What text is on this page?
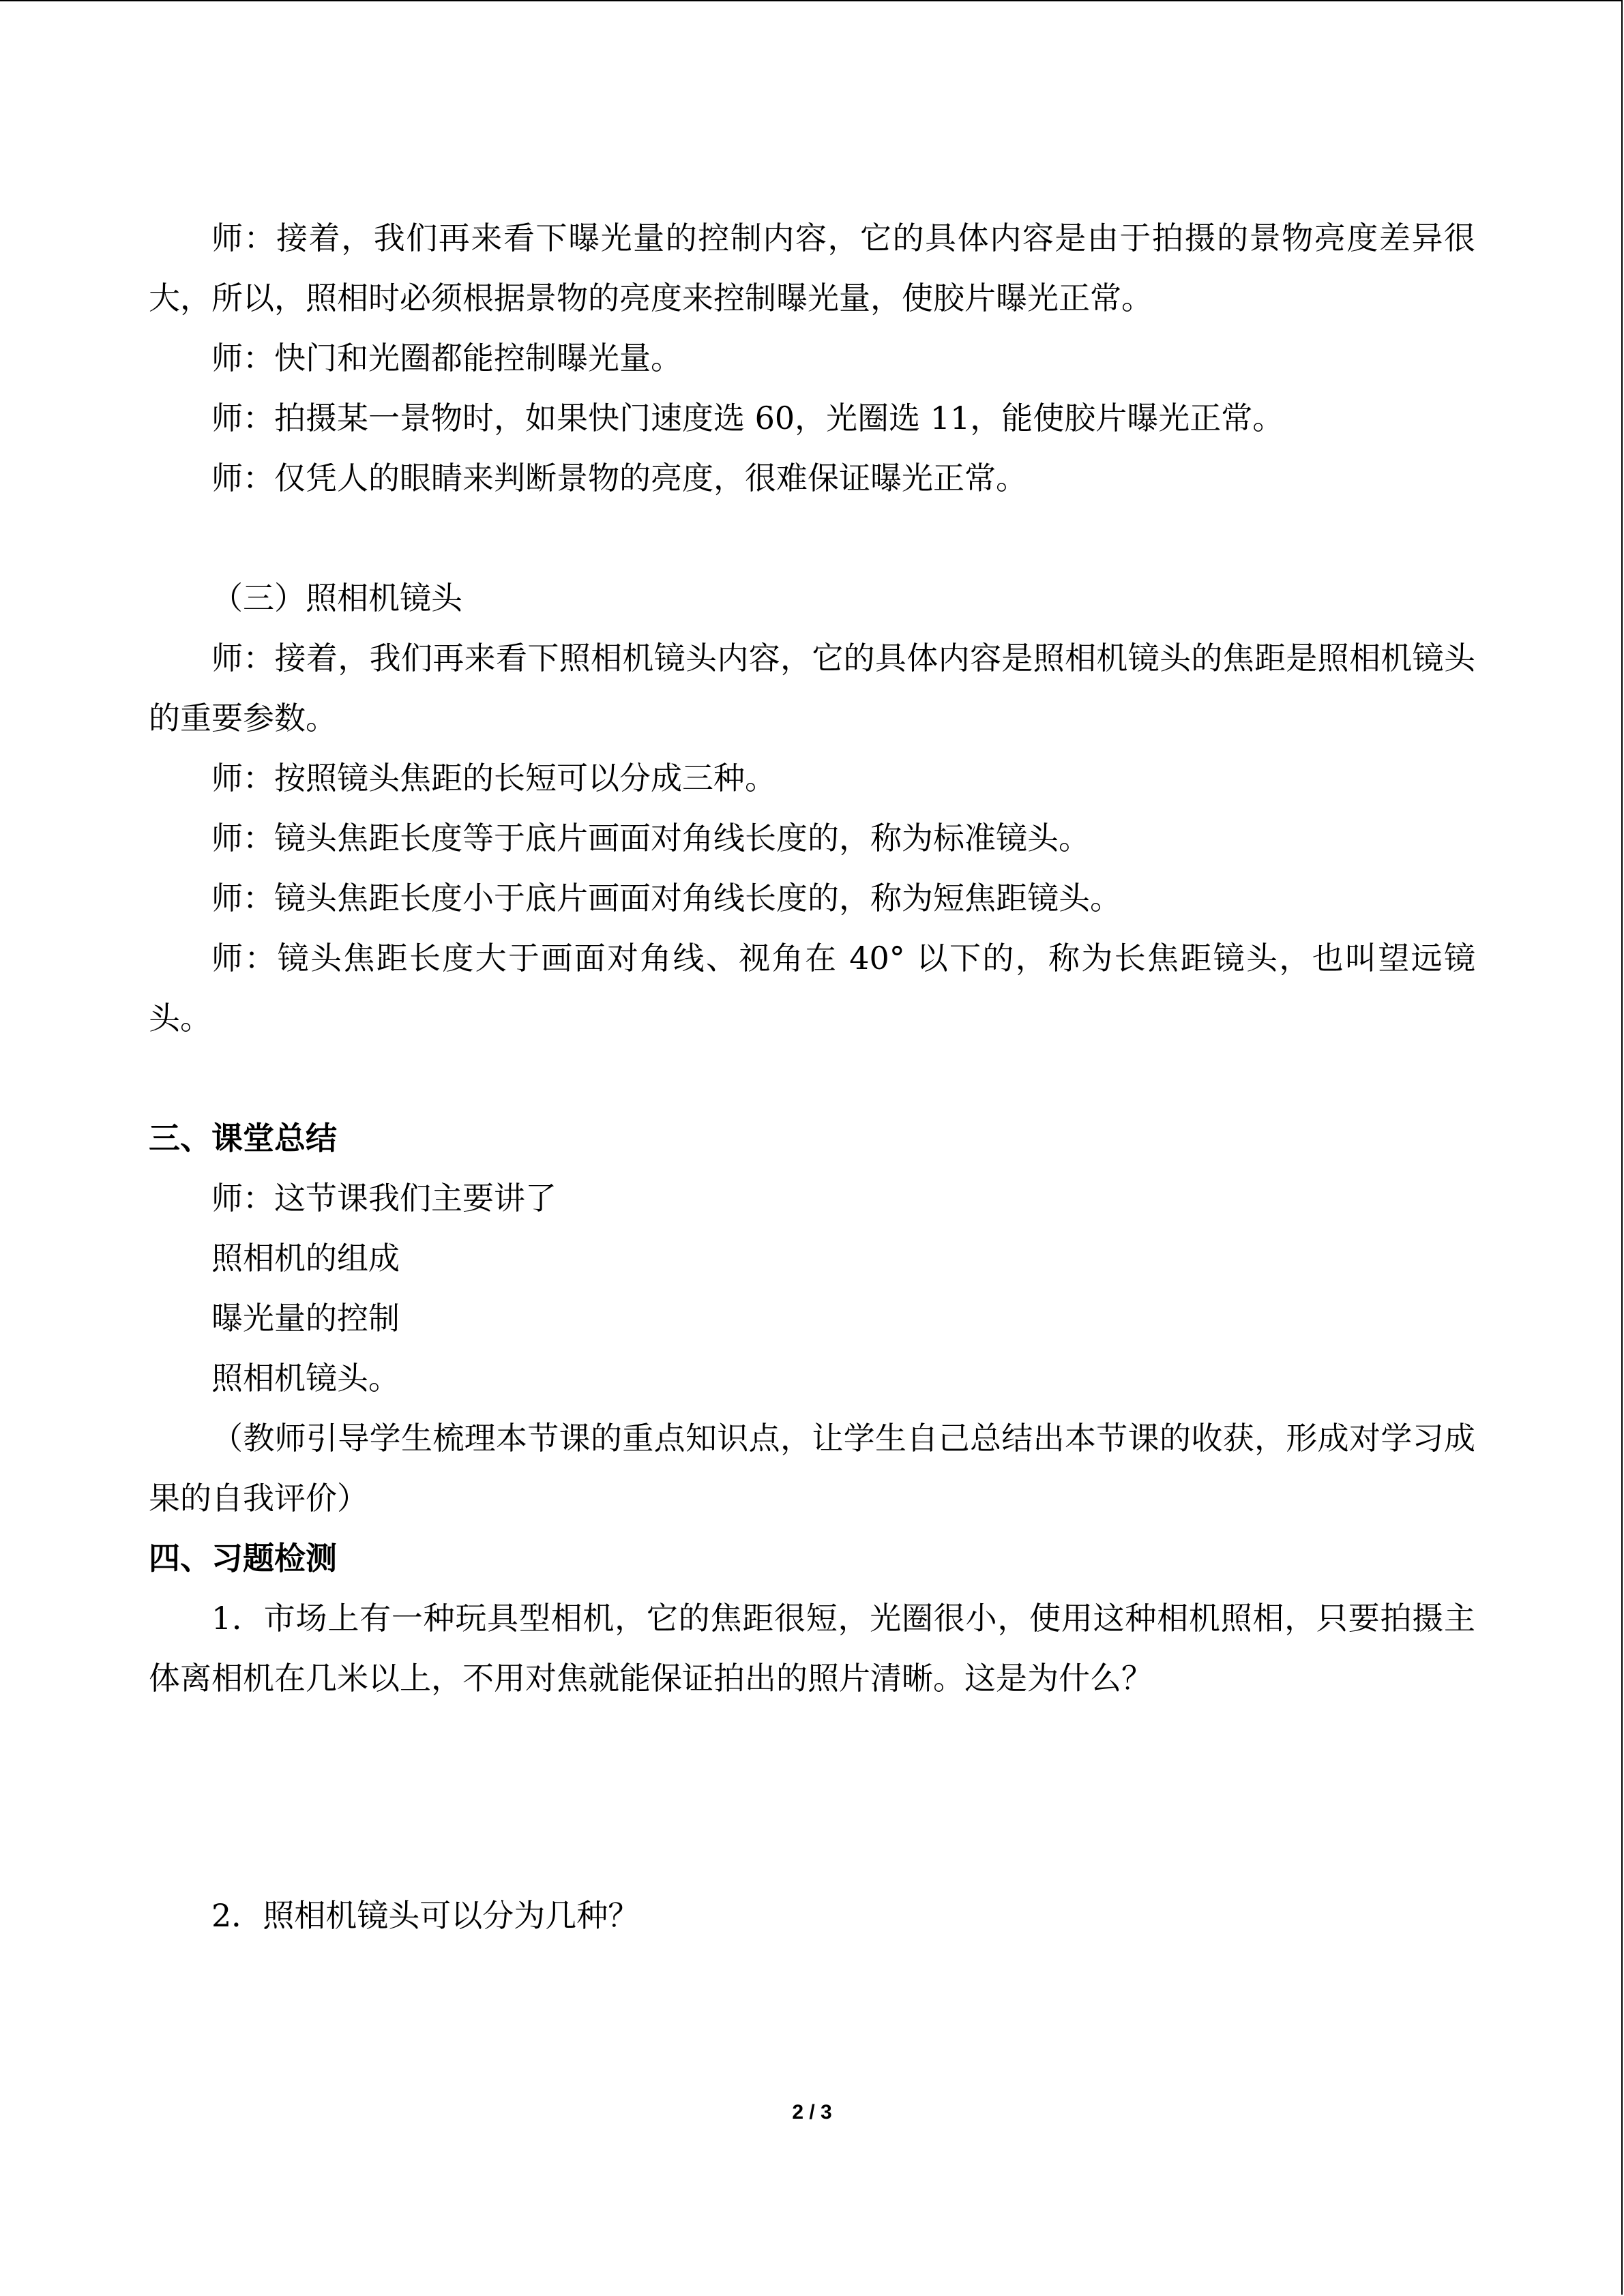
师：接着，我们再来看下曝光量的控制内容，它的具体内容是由于拍摄的景物亮度差异很大，所以，照相时必须根据景物的亮度来控制曝光量，使胶片曝光正常。

师：快门和光圈都能控制曝光量。

师：拍摄某一景物时，如果快门速度选 60，光圈选 11，能使胶片曝光正常。

师：仅凭人的眼睛来判断景物的亮度，很难保证曝光正常。

（三）照相机镜头

师：接着，我们再来看下照相机镜头内容，它的具体内容是照相机镜头的焦距是照相机镜头的重要参数。

师：按照镜头焦距的长短可以分成三种。

师：镜头焦距长度等于底片画面对角线长度的，称为标准镜头。

师：镜头焦距长度小于底片画面对角线长度的，称为短焦距镜头。

师：镜头焦距长度大于画面对角线、视角在 40° 以下的，称为长焦距镜头，也叫望远镜头。

三、课堂总结

师：这节课我们主要讲了

照相机的组成

曝光量的控制

照相机镜头。

（教师引导学生梳理本节课的重点知识点，让学生自己总结出本节课的收获，形成对学习成果的自我评价）

四、习题检测

1．市场上有一种玩具型相机，它的焦距很短，光圈很小，使用这种相机照相，只要拍摄主体离相机在几米以上，不用对焦就能保证拍出的照片清晰。这是为什么？

2．照相机镜头可以分为几种？

2 / 3
